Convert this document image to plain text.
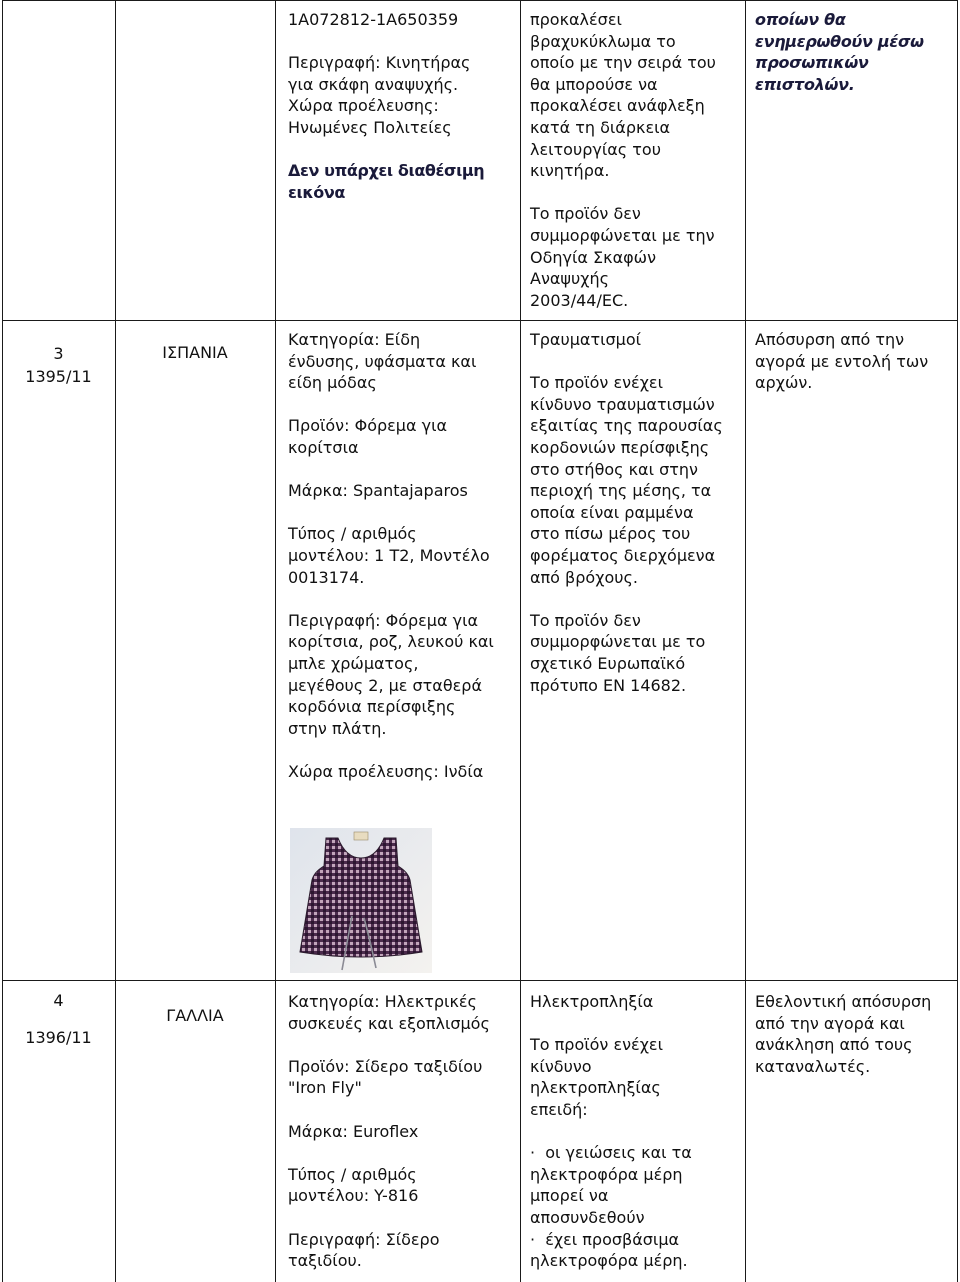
1A072812-1A650359

Περιγραφή: Κινητήρας
για σκάφη αναψυχής.
Χώρα προέλευσης:
Ηνωμένες Πολιτείες

Δεν υπάρχει διαθέσιμη
εικόνα

προκαλέσει
βραχυκύκλωμα το
οποίο με την σειρά του
θα μπορούσε να
προκαλέσει ανάφλεξη
κατά τη διάρκεια
λειτουργίας του
κινητήρα.

Το προϊόν δεν
συμμορφώνεται με την
Οδηγία Σκαφών
Αναψυχής
2003/44/EC.

οποίων θα
ενημερωθούν μέσω
προσωπικών
επιστολών.

3
1395/11
ΙΣΠΑΝΙΑ

Κατηγορία: Είδη
ένδυσης, υφάσματα και
είδη μόδας

Προϊόν: Φόρεμα για
κορίτσια

Μάρκα: Spantajaparos

Τύπος / αριθμός
μοντέλου: 1 T2, Μοντέλο
0013174.

Περιγραφή: Φόρεμα για
κορίτσια, ροζ, λευκού και
μπλε χρώματος,
μεγέθους 2, με σταθερά
κορδόνια περίσφιξης
στην πλάτη.

Χώρα προέλευσης: Ινδία

Τραυματισμοί

Το προϊόν ενέχει
κίνδυνο τραυματισμών
εξαιτίας της παρουσίας
κορδονιών περίσφιξης
στο στήθος και στην
περιοχή της μέσης, τα
οποία είναι ραμμένα
στο πίσω μέρος του
φορέματος διερχόμενα
από βρόχους.

Το προϊόν δεν
συμμορφώνεται με το
σχετικό Ευρωπαϊκό
πρότυπο EN 14682.

Απόσυρση από την
αγορά με εντολή των
αρχών.

4
1396/11
ΓΑΛΛΙΑ

Κατηγορία: Ηλεκτρικές
συσκευές και εξοπλισμός

Προϊόν: Σίδερο ταξιδίου
"Iron Fly"

Μάρκα: Euroflex

Τύπος / αριθμός
μοντέλου: Y-816

Περιγραφή: Σίδερο
ταξιδίου.

Ηλεκτροπληξία

Το προϊόν ενέχει
κίνδυνο
ηλεκτροπληξίας
επειδή:

·  οι γειώσεις και τα
ηλεκτροφόρα μέρη
μπορεί να
αποσυνδεθούν
·  έχει προσβάσιμα
ηλεκτροφόρα μέρη.

Εθελοντική απόσυρση
από την αγορά και
ανάκληση από τους
καταναλωτές.
